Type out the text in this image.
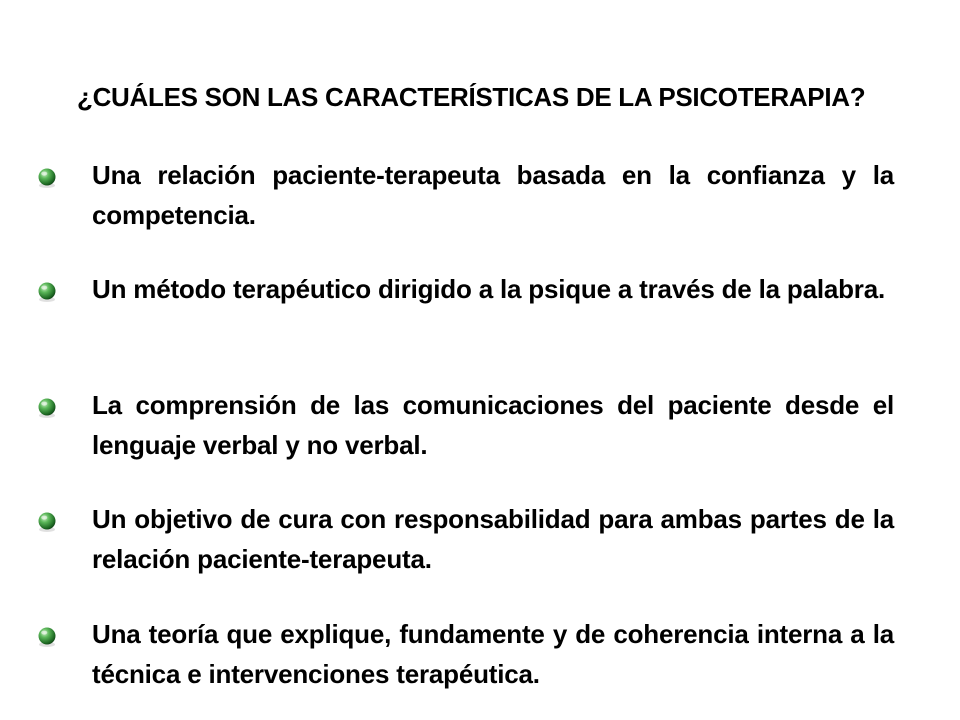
¿CUÁLES SON LAS CARACTERÍSTICAS DE LA PSICOTERAPIA?
Una relación paciente-terapeuta basada en la confianza y la competencia.
Un método terapéutico dirigido a la psique a través de la palabra.
La comprensión de las comunicaciones del paciente desde el lenguaje verbal y no verbal.
Un objetivo de cura con responsabilidad para ambas partes de la relación paciente-terapeuta.
Una teoría que explique, fundamente y de coherencia interna a la técnica e intervenciones terapéutica.
